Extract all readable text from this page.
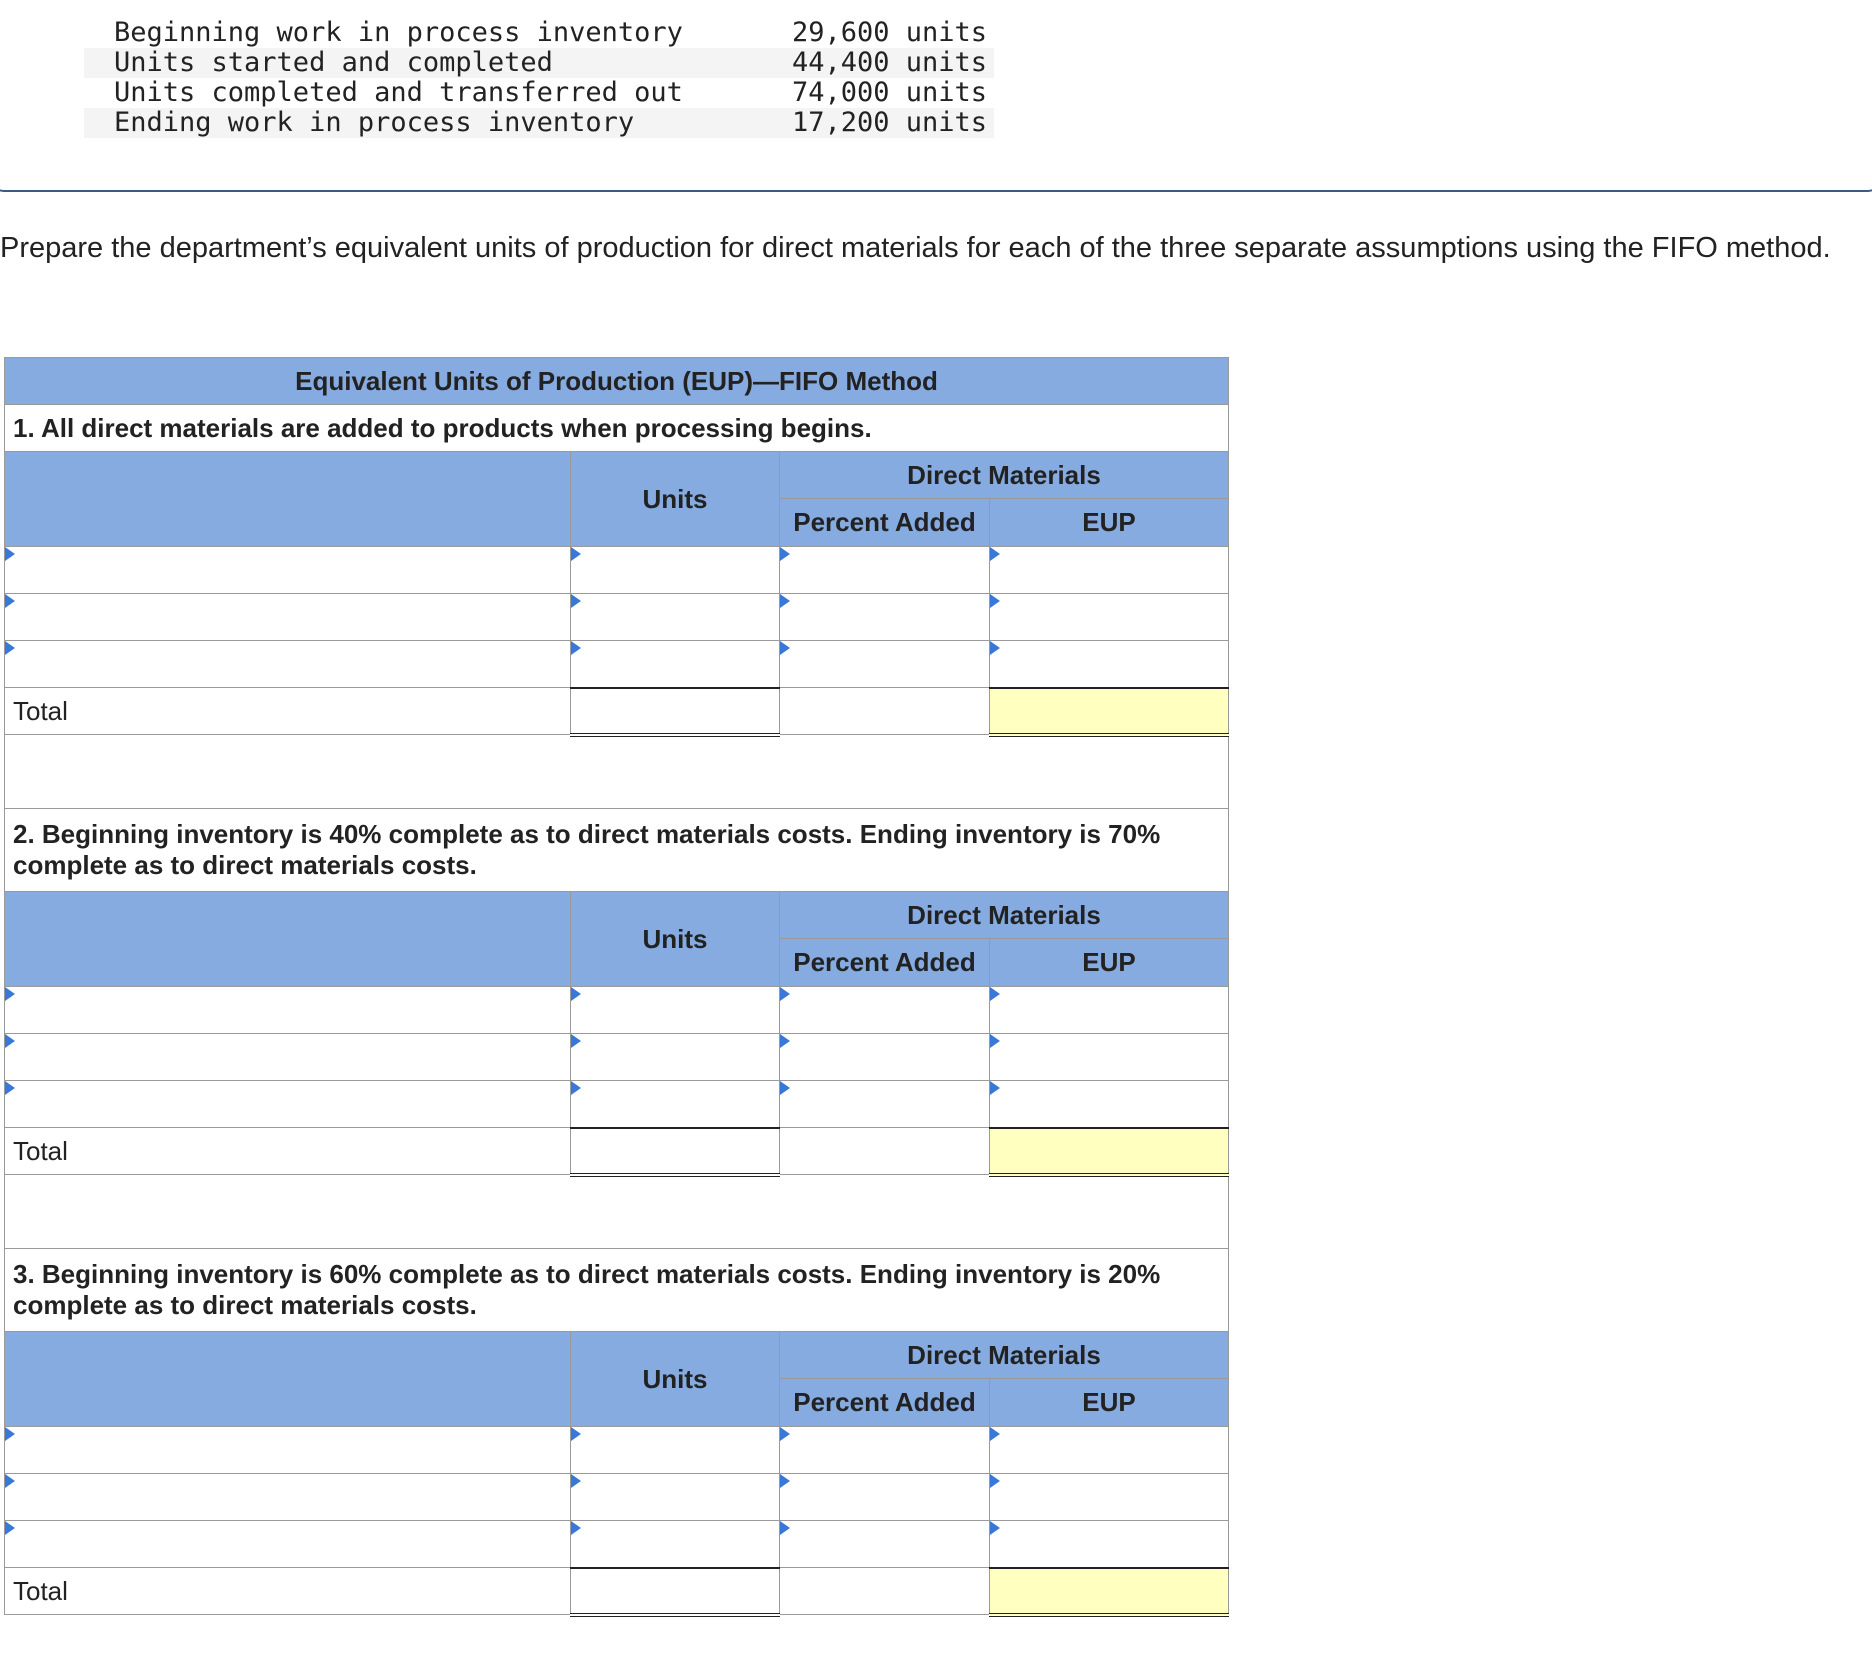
Beginning work in process inventory	29,600 units
Units started and completed	44,400 units
Units completed and transferred out	74,000 units
Ending work in process inventory	17,200 units
Prepare the department’s equivalent units of production for direct materials for each of the three separate assumptions using the FIFO method.
Equivalent Units of Production (EUP)—FIFO Method			
1. All direct materials are added to products when processing begins.			
	Units	Direct Materials	
		Percent Added	EUP

Total			

2. Beginning inventory is 40% complete as to direct materials costs. Ending inventory is 70% complete as to direct materials costs.			
	Units	Direct Materials	
		Percent Added	EUP

Total			

3. Beginning inventory is 60% complete as to direct materials costs. Ending inventory is 20% complete as to direct materials costs.			
	Units	Direct Materials	
		Percent Added	EUP

Total			
